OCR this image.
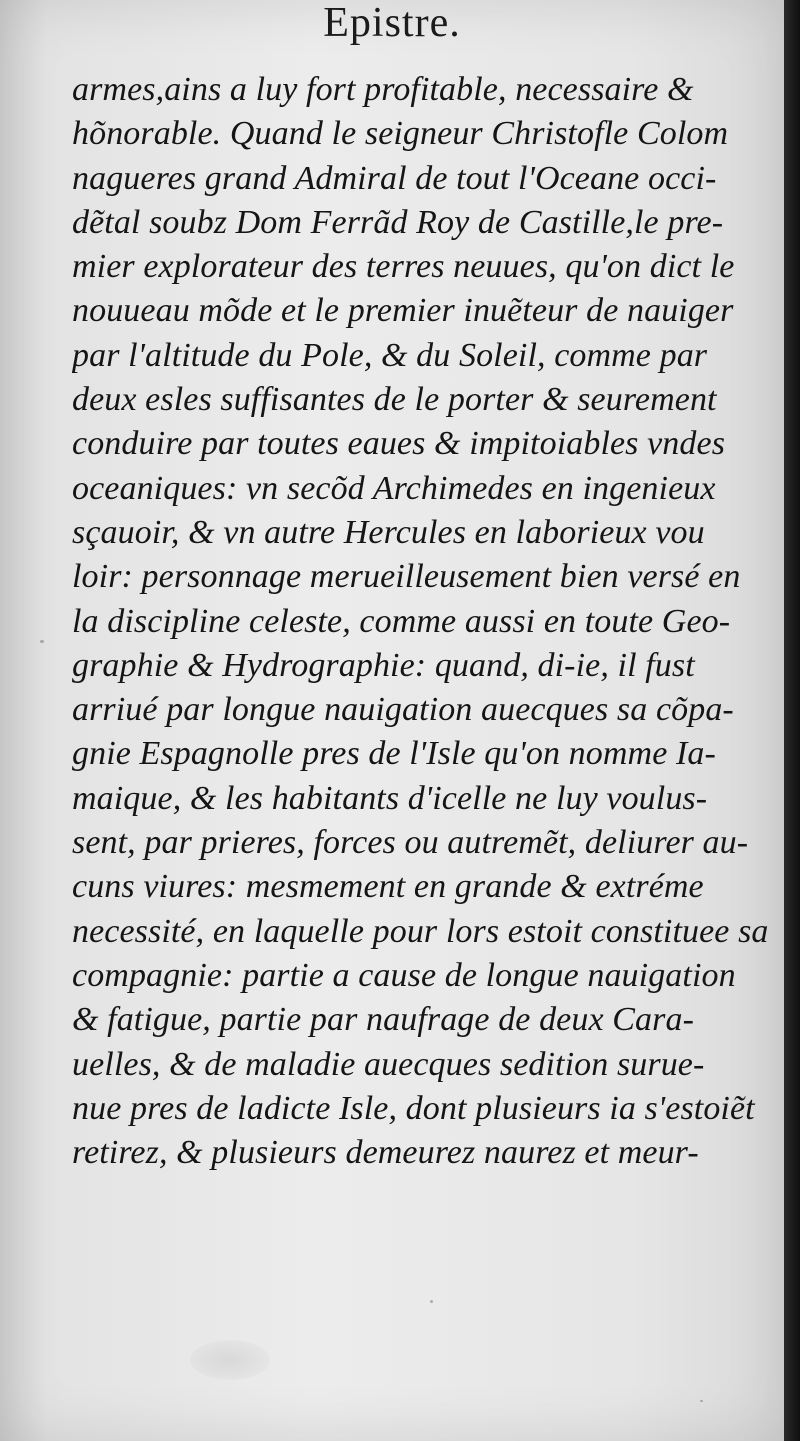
Epistre.
armes,ains a luy fort profitable, necessaire &
hõnorable. Quand le seigneur Christofle Colom
nagueres grand Admiral de tout l'Oceane occi-
dẽtal soubz Dom Ferrãd Roy de Castille,le pre-
mier explorateur des terres neuues, qu'on dict le
nouueau mõde et le premier inuẽteur de nauiger
par l'altitude du Pole, & du Soleil, comme par
deux esles suffisantes de le porter & seurement
conduire par toutes eaues & impitoiables vndes
oceaniques: vn secõd Archimedes en ingenieux
sçauoir, & vn autre Hercules en laborieux vou
loir: personnage merueilleusement bien versé en
la discipline celeste, comme aussi en toute Geo-
graphie & Hydrographie: quand, di-ie, il fust
arriué par longue nauigation auecques sa cõpa-
gnie Espagnolle pres de l'Isle qu'on nomme Ia-
maique, & les habitants d'icelle ne luy voulus-
sent, par prieres, forces ou autremẽt, deliurer au-
cuns viures: mesmement en grande & extréme
necessité, en laquelle pour lors estoit constituee sa
compagnie: partie a cause de longue nauigation
& fatigue, partie par naufrage de deux Cara-
uelles, & de maladie auecques sedition surue-
nue pres de ladicte Isle, dont plusieurs ia s'estoiẽt
retirez, & plusieurs demeurez naurez et meur-
